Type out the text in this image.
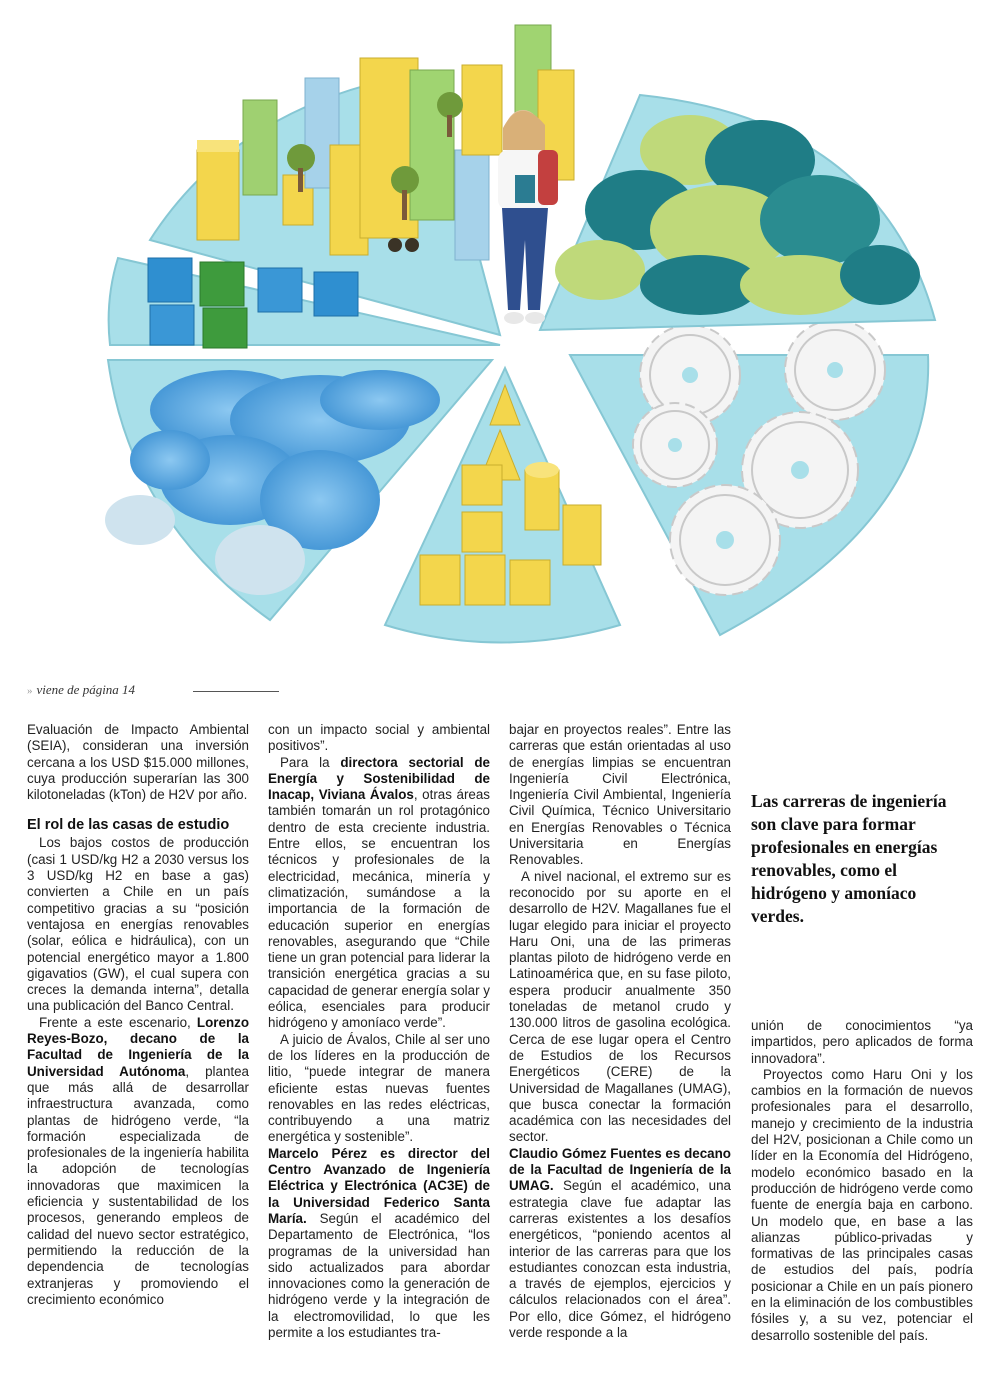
» viene de página 14

Evaluación de Impacto Ambiental (SEIA), consideran una inversión cercana a los USD $15.000 millones, cuya producción superarían las 300 kilotoneladas (kTon) de H2V por año.

El rol de las casas de estudio

Los bajos costos de producción (casi 1 USD/kg H2 a 2030 versus los 3 USD/kg H2 en base a gas) convierten a Chile en un país competitivo gracias a su “posición ventajosa en energías renovables (solar, eólica e hidráulica), con un potencial energético mayor a 1.800 gigavatios (GW), el cual supera con creces la demanda interna”, detalla una publicación del Banco Central.

Frente a este escenario, Lorenzo Reyes-Bozo, decano de la Facultad de Ingeniería de la Universidad Autónoma, plantea que más allá de desarrollar infraestructura avanzada, como plantas de hidrógeno verde, “la formación especializada de profesionales de la ingeniería habilita la adopción de tecnologías innovadoras que maximicen la eficiencia y sustentabilidad de los procesos, generando empleos de calidad del nuevo sector estratégico, permitiendo la reducción de la dependencia de tecnologías extranjeras y promoviendo el crecimiento económico

con un impacto social y ambiental positivos”.

Para la directora sectorial de Energía y Sostenibilidad de Inacap, Viviana Ávalos, otras áreas también tomarán un rol protagónico dentro de esta creciente industria. Entre ellos, se encuentran los técnicos y profesionales de la electricidad, mecánica, minería y climatización, sumándose a la importancia de la formación de educación superior en energías renovables, asegurando que “Chile tiene un gran potencial para liderar la transición energética gracias a su capacidad de generar energía solar y eólica, esenciales para producir hidrógeno y amoníaco verde”.

A juicio de Ávalos, Chile al ser uno de los líderes en la producción de litio, “puede integrar de manera eficiente estas nuevas fuentes renovables en las redes eléctricas, contribuyendo a una matriz energética y sostenible”.

Marcelo Pérez es director del Centro Avanzado de Ingeniería Eléctrica y Electrónica (AC3E) de la Universidad Federico Santa María. Según el académico del Departamento de Electrónica, “los programas de la universidad han sido actualizados para abordar innovaciones como la generación de hidrógeno verde y la integración de la electromovilidad, lo que les permite a los estudiantes tra-

bajar en proyectos reales”. Entre las carreras que están orientadas al uso de energías limpias se encuentran Ingeniería Civil Electrónica, Ingeniería Civil Ambiental, Ingeniería Civil Química, Técnico Universitario en Energías Renovables o Técnica Universitaria en Energías Renovables.

A nivel nacional, el extremo sur es reconocido por su aporte en el desarrollo de H2V. Magallanes fue el lugar elegido para iniciar el proyecto Haru Oni, una de las primeras plantas piloto de hidrógeno verde en Latinoamérica que, en su fase piloto, espera producir anualmente 350 toneladas de metanol crudo y 130.000 litros de gasolina ecológica. Cerca de ese lugar opera el Centro de Estudios de los Recursos Energéticos (CERE) de la Universidad de Magallanes (UMAG), que busca conectar la formación académica con las necesidades del sector.

Claudio Gómez Fuentes es decano de la Facultad de Ingeniería de la UMAG. Según el académico, una estrategia clave fue adaptar las carreras existentes a los desafíos energéticos, “poniendo acentos al interior de las carreras para que los estudiantes conozcan esta industria, a través de ejemplos, ejercicios y cálculos relacionados con el área”. Por ello, dice Gómez, el hidrógeno verde responde a la

Las carreras de ingeniería son clave para formar profesionales en energías renovables, como el hidrógeno y amoníaco verdes.

unión de conocimientos “ya impartidos, pero aplicados de forma innovadora”.

Proyectos como Haru Oni y los cambios en la formación de nuevos profesionales para el desarrollo, manejo y crecimiento de la industria del H2V, posicionan a Chile como un líder en la Economía del Hidrógeno, modelo económico basado en la producción de hidrógeno verde como fuente de energía baja en carbono. Un modelo que, en base a las alianzas público-privadas y formativas de las principales casas de estudios del país, podría posicionar a Chile en un país pionero en la eliminación de los combustibles fósiles y, a su vez, potenciar el desarrollo sostenible del país.
